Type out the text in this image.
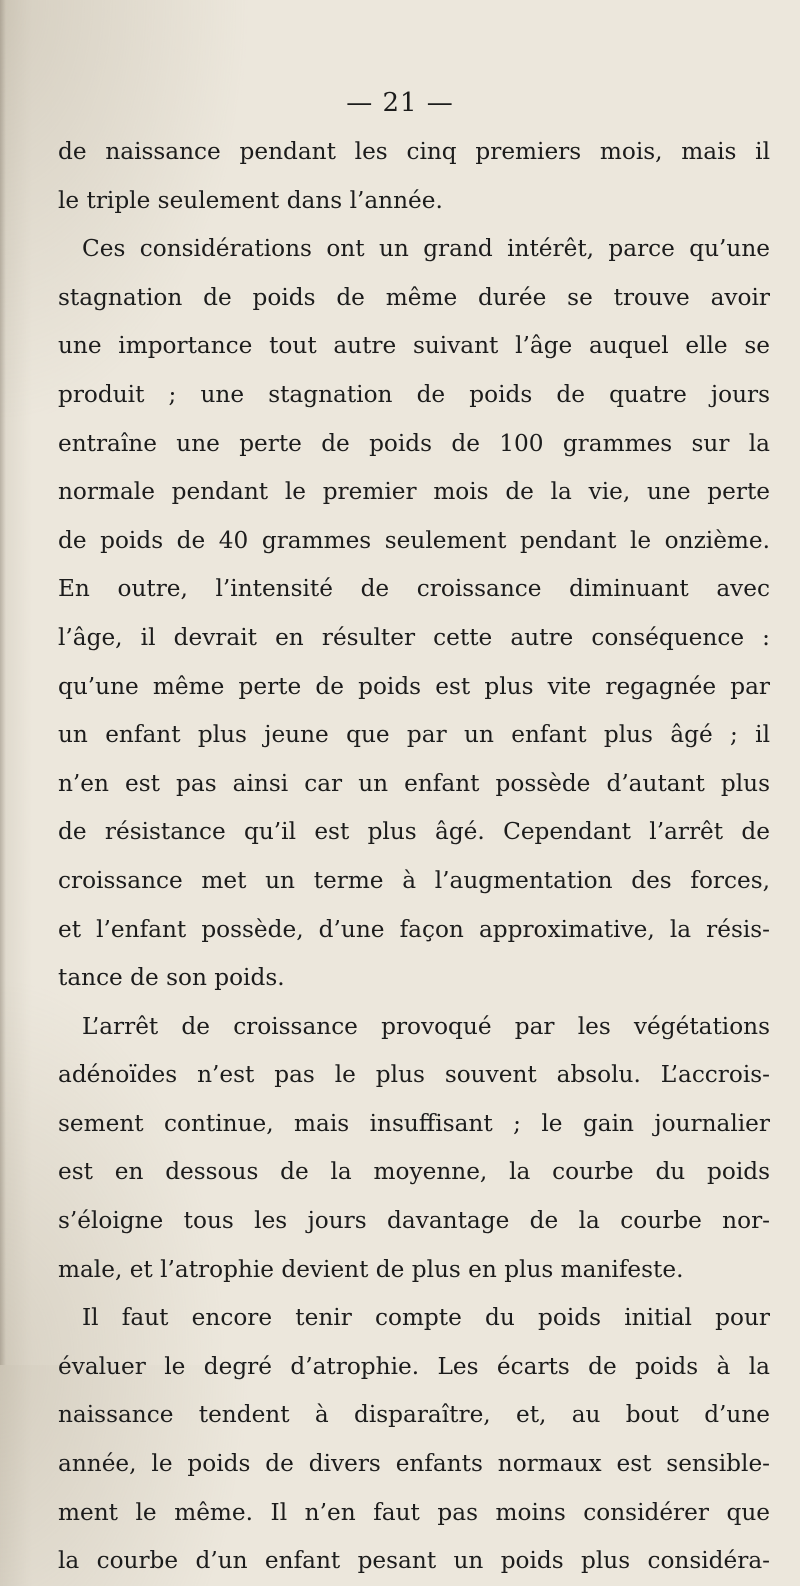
— 21 —
de naissance pendant les cinq premiers mois, mais il
le triple seulement dans l’année.
Ces considérations ont un grand intérêt, parce qu’une
stagnation de poids de même durée se trouve avoir
une importance tout autre suivant l’âge auquel elle se
produit ; une stagnation de poids de quatre jours
entraîne une perte de poids de 100 grammes sur la
normale pendant le premier mois de la vie, une perte
de poids de 40 grammes seulement pendant le onzième.
En outre, l’intensité de croissance diminuant avec
l’âge, il devrait en résulter cette autre conséquence :
qu’une même perte de poids est plus vite regagnée par
un enfant plus jeune que par un enfant plus âgé ; il
n’en est pas ainsi car un enfant possède d’autant plus
de résistance qu’il est plus âgé. Cependant l’arrêt de
croissance met un terme à l’augmentation des forces,
et l’enfant possède, d’une façon approximative, la résis-
tance de son poids.
L’arrêt de croissance provoqué par les végétations
adénoïdes n’est pas le plus souvent absolu. L’accrois-
sement continue, mais insuffisant ; le gain journalier
est en dessous de la moyenne, la courbe du poids
s’éloigne tous les jours davantage de la courbe nor-
male, et l’atrophie devient de plus en plus manifeste.
Il faut encore tenir compte du poids initial pour
évaluer le degré d’atrophie. Les écarts de poids à la
naissance tendent à disparaître, et, au bout d’une
année, le poids de divers enfants normaux est sensible-
ment le même. Il n’en faut pas moins considérer que
la courbe d’un enfant pesant un poids plus considéra-
